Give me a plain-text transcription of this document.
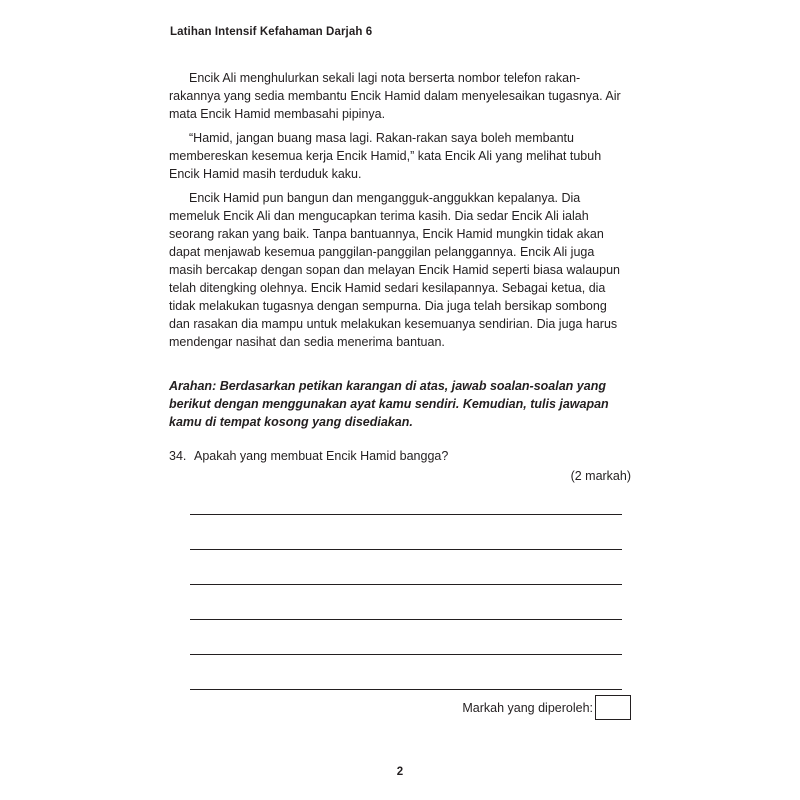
Latihan Intensif Kefahaman Darjah 6

Encik Ali menghulurkan sekali lagi nota berserta nombor telefon rakan-rakannya yang sedia membantu Encik Hamid dalam menyelesaikan tugasnya. Air mata Encik Hamid membasahi pipinya.

“Hamid, jangan buang masa lagi. Rakan-rakan saya boleh membantu membereskan kesemua kerja Encik Hamid,” kata Encik Ali yang melihat tubuh Encik Hamid masih terduduk kaku.

Encik Hamid pun bangun dan mengangguk-anggukkan kepalanya. Dia memeluk Encik Ali dan mengucapkan terima kasih. Dia sedar Encik Ali ialah seorang rakan yang baik. Tanpa bantuannya, Encik Hamid mungkin tidak akan dapat menjawab kesemua panggilan-panggilan pelanggannya. Encik Ali juga masih bercakap dengan sopan dan melayan Encik Hamid seperti biasa walaupun telah ditengking olehnya. Encik Hamid sedari kesilapannya. Sebagai ketua, dia tidak melakukan tugasnya dengan sempurna. Dia juga telah bersikap sombong dan rasakan dia mampu untuk melakukan kesemuanya sendirian. Dia juga harus mendengar nasihat dan sedia menerima bantuan.

Arahan: Berdasarkan petikan karangan di atas, jawab soalan-soalan yang berikut dengan menggunakan ayat kamu sendiri. Kemudian, tulis jawapan kamu di tempat kosong yang disediakan.
34. Apakah yang membuat Encik Hamid bangga?
(2 markah)
Markah yang diperoleh:
2
